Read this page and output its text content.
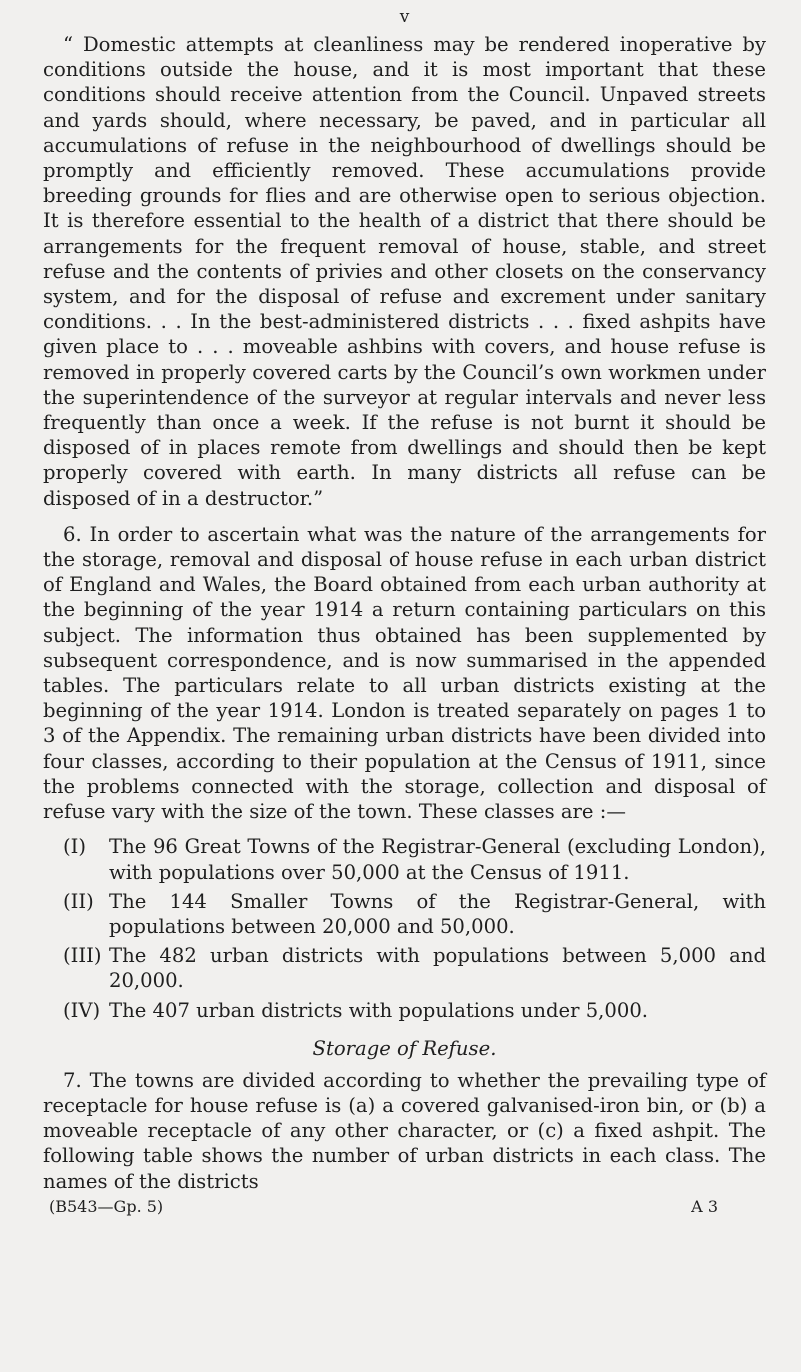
v

“ Domestic attempts at cleanliness may be rendered inoperative by conditions outside the house, and it is most important that these conditions should receive attention from the Council. Unpaved streets and yards should, where necessary, be paved, and in particular all accumulations of refuse in the neighbourhood of dwellings should be promptly and efficiently removed. These accumulations provide breeding grounds for flies and are otherwise open to serious objection. It is therefore essential to the health of a district that there should be arrangements for the frequent removal of house, stable, and street refuse and the contents of privies and other closets on the conservancy system, and for the disposal of refuse and excrement under sanitary conditions. . . In the best-administered districts . . . fixed ashpits have given place to . . . moveable ashbins with covers, and house refuse is removed in properly covered carts by the Council’s own workmen under the superintendence of the surveyor at regular intervals and never less frequently than once a week. If the refuse is not burnt it should be disposed of in places remote from dwellings and should then be kept properly covered with earth. In many districts all refuse can be disposed of in a destructor.”

6. In order to ascertain what was the nature of the arrangements for the storage, removal and disposal of house refuse in each urban district of England and Wales, the Board obtained from each urban authority at the beginning of the year 1914 a return containing particulars on this subject. The information thus obtained has been supplemented by subsequent correspondence, and is now summarised in the appended tables. The particulars relate to all urban districts existing at the beginning of the year 1914. London is treated separately on pages 1 to 3 of the Appendix. The remaining urban districts have been divided into four classes, according to their population at the Census of 1911, since the problems connected with the storage, collection and disposal of refuse vary with the size of the town. These classes are :—

(I) The 96 Great Towns of the Registrar-General (excluding London), with populations over 50,000 at the Census of 1911.
(II) The 144 Smaller Towns of the Registrar-General, with populations between 20,000 and 50,000.
(III) The 482 urban districts with populations between 5,000 and 20,000.
(IV) The 407 urban districts with populations under 5,000.
Storage of Refuse.

7. The towns are divided according to whether the prevailing type of receptacle for house refuse is (a) a covered galvanised-iron bin, or (b) a moveable receptacle of any other character, or (c) a fixed ashpit. The following table shows the number of urban districts in each class. The names of the districts

(B543—Gp. 5)	A 3
